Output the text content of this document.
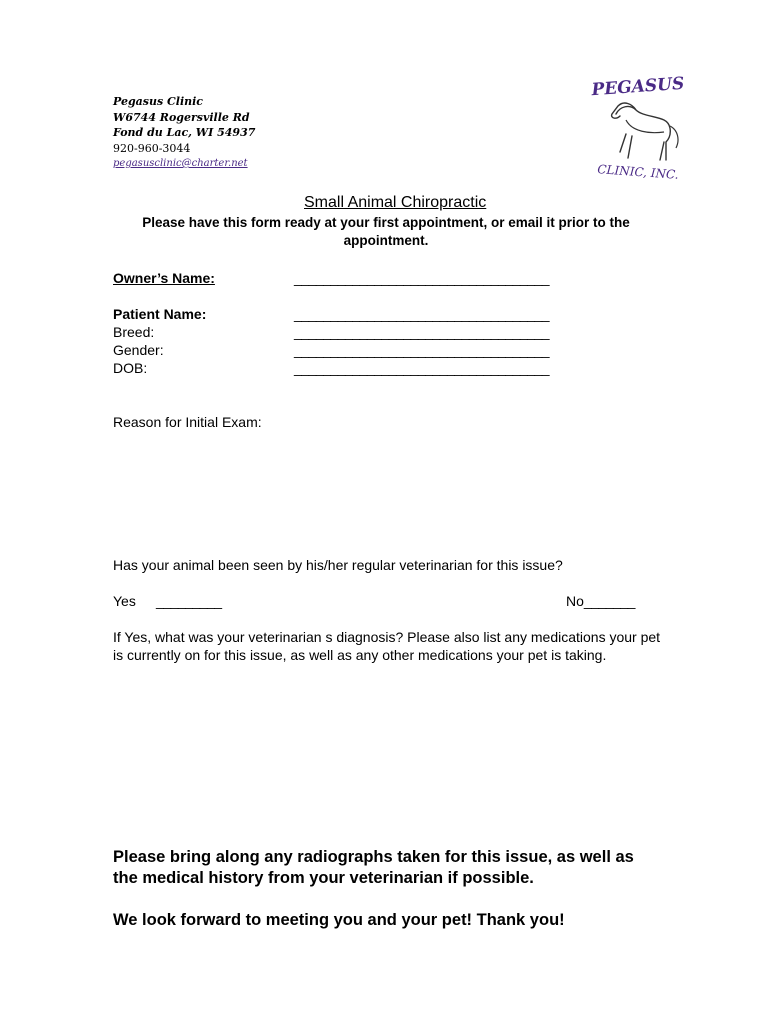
Pegasus Clinic
W6744 Rogersville Rd
Fond du Lac, WI 54937
920-960-3044
pegasusclinic@charter.net
PEGASUS
CLINIC, INC.
Small Animal Chiropractic
Please have this form ready at your first appointment, or email it prior to the appointment.
Owner’s Name:	___________________________________
Patient Name:	___________________________________
Breed:	___________________________________
Gender:	___________________________________
DOB:	___________________________________
Reason for Initial Exam:
Has your animal been seen by his/her regular veterinarian for this issue?
Yes _________	No_______
If Yes, what was your veterinarian s diagnosis? Please also list any medications your pet is currently on for this issue, as well as any other medications your pet is taking.
Please bring along any radiographs taken for this issue, as well as the medical history from your veterinarian if possible.
We look forward to meeting you and your pet! Thank you!
